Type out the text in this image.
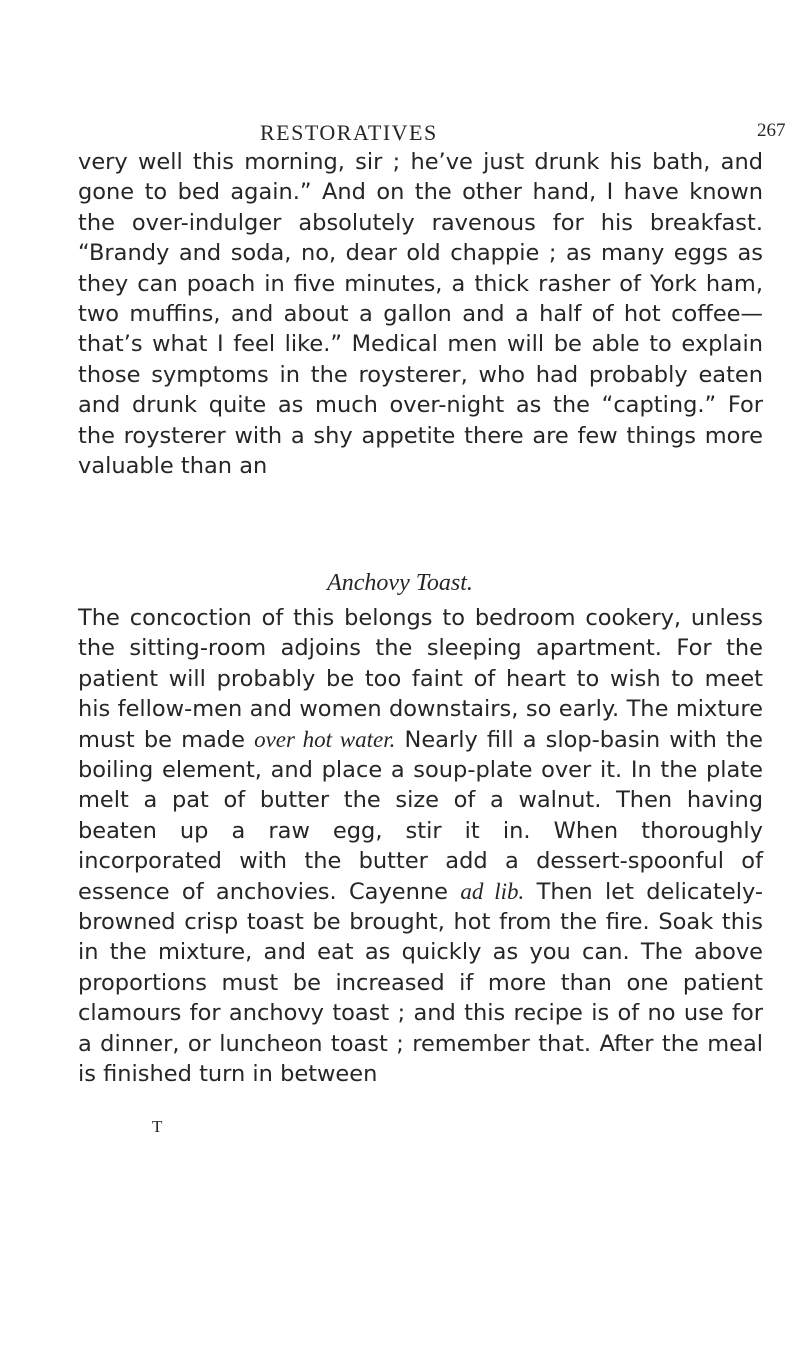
RESTORATIVES	267

very well this morning, sir ; he’ve just drunk his bath, and gone to bed again.” And on the other hand, I have known the over-indulger absolutely ravenous for his breakfast. “Brandy and soda, no, dear old chappie ; as many eggs as they can poach in five minutes, a thick rasher of York ham, two muffins, and about a gallon and a half of hot coffee—that’s what I feel like.” Medical men will be able to explain those symptoms in the roysterer, who had probably eaten and drunk quite as much over-night as the “capting.” For the roysterer with a shy appetite there are few things more valuable than an

Anchovy Toast.

The concoction of this belongs to bedroom cookery, unless the sitting-room adjoins the sleeping apartment. For the patient will probably be too faint of heart to wish to meet his fellow-men and women downstairs, so early. The mixture must be made over hot water. Nearly fill a slop-basin with the boiling element, and place a soup-plate over it. In the plate melt a pat of butter the size of a walnut. Then having beaten up a raw egg, stir it in. When thoroughly incorporated with the butter add a dessert-spoonful of essence of anchovies. Cayenne ad lib. Then let delicately-browned crisp toast be brought, hot from the fire. Soak this in the mixture, and eat as quickly as you can. The above proportions must be increased if more than one patient clamours for anchovy toast ; and this recipe is of no use for a dinner, or luncheon toast ; remember that. After the meal is finished turn in between

T
